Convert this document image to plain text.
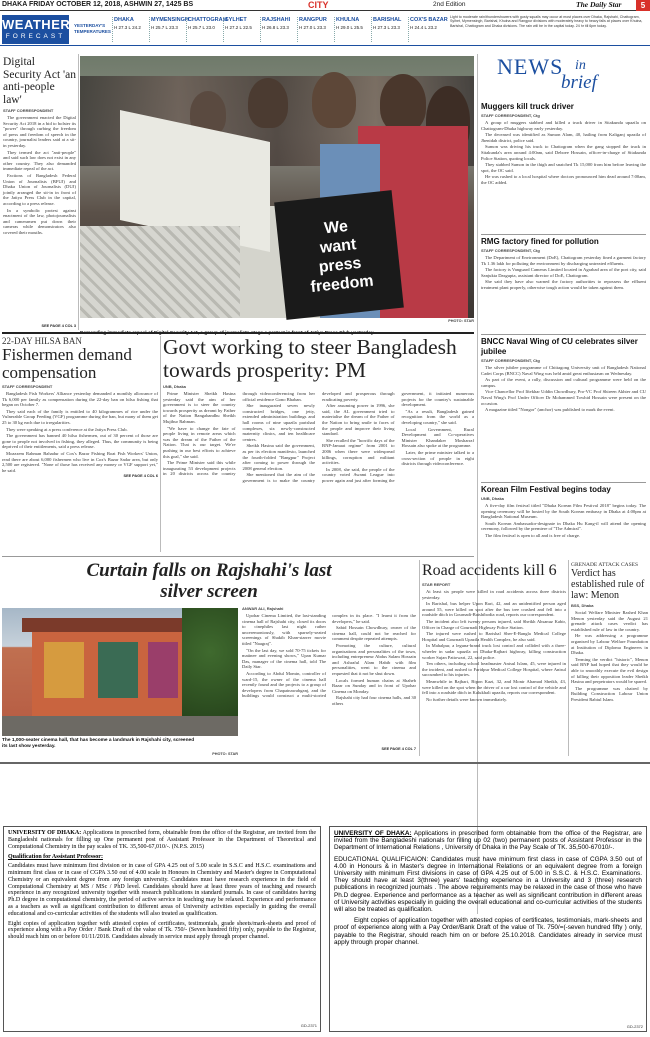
DHAKA FRIDAY OCTOBER 12, 2018, ASHWIN 27, 1425 BS	CITY	2nd Edition	The Daily Star	5
WEATHER
FORECAST
YESTERDAY'S
TEMPERATURES
DHAKA
H 27.3 L 24.2
MYMENSINGH
H 25.7 L 23.3
CHATTOGRAM
H 25.7 L 23.0
SYLHET
H 27.2 L 22.5
RAJSHAHI
H 26.8 L 23.3
RANGPUR
H 27.0 L 23.3
KHULNA
H 29.0 L 25.5
BARISHAL
H 27.3 L 23.3
COX'S BAZAR
H 24.4 L 23.2
Light to moderate rain/thundershowers with gusty squalls may occur at most places over Dhaka, Rajshahi, Chattogram, Sylhet, Mymensingh, Barishal, Khulna and Rangpur divisions with moderately heavy to heavy falls at places over Khulna, Barishal, Chattogram and Dhaka divisions. The rain will be in the capital today. 24 hr till 6pm today.
Digital Security Act 'an anti-people law'
STAFF CORRESPONDENT

The government enacted the Digital Security Act 2018 in a bid to bolster its "power" through curbing the freedom of press and freedom of speech in the country, journalist leaders said at a sit-in yesterday.

They termed the act "anti-people" and said such law does not exist in any other country. They also demanded immediate repeal of the act.

Factions of Bangladesh Federal Union of Journalists (BFUJ) and Dhaka Union of Journalists (DUJ) jointly arranged the sit-in in front of the Jatiya Press Club in the capital, according to a press release.

In a symbolic protest against enactment of the law, photojournalists and cameramen put down their cameras while demonstrators also covered their mouths.

SEE PAGE 4 COL 3
We
want
press
freedom
Demanding immediate repeal of Digital Security Act, a group of journalists stage a protest in front of Jatiya Press Club yesterday.
PHOTO: STAR
NEWS in
brief
Muggers kill truck driver
STAFF CORRESPONDENT, Ctg

A group of muggers stabbed and killed a truck driver in Sitakunda upazila on Chattogram-Dhaka highway early yesterday.

The deceased was identified as Sumon Alam, 40, hailing from Kaliganj upazila of Jhenidah district, police said.

Sumon was driving his truck to Chattogram when the gang stopped the truck in Sitakunda's area around 4:00am, said Deboee Hossain, officer-in-charge of Sitakunda Police Station, quoting locals.

They stabbed Sumon in the thigh and snatched Tk 15,000 from him before leaving the spot, the OC said.

He was rushed to a local hospital where doctors pronounced him dead around 7:00am, the OC added.

RMG factory fined for pollution
STAFF CORRESPONDENT, Ctg

The Department of Environment (DoE), Chattogram yesterday fined a garment factory Tk 1.36 lakh for polluting the environment by discharging untreated effluents.

The factory is Vanguard Cameras Limited located in Agrabad area of the port city, said Sanjukta Dasgupta, assistant director of DoE, Chattogram.

She said they have also warned the factory authorities to repossess the effluent treatment plant properly, otherwise tough action would be taken against them.

BNCC Naval Wing of CU celebrates silver jubilee
STAFF CORRESPONDENT, Ctg

The silver jubilee programme of Chittagong University unit of Bangladesh National Cadet Corps (BNCC) Naval Wing was held amid great enthusiasm on Wednesday.

As part of the event, a rally, discussion and cultural programme were held on the campus.

Vice Chancellor Prof Iftekhar Uddin Chowdhury, Pro-VC Prof Shireen Akhter and CU Naval Wing's Prof Under Officer Dr Mohammed Towhid Hossain were present on the occasion.

A magazine titled "Nongor" (anchor) was published to mark the event.

Korean Film Festival begins today
UNB, Dhaka

A five-day film festival titled "Dhaka Korean Film Festival 2018" begins today. The opening ceremony will be hosted by the South Korean embassy in Dhaka at 4:00pm at Bangladesh National Museum.

South Korean Ambassador-designate in Dhaka Hu Kang-il will attend the opening ceremony, followed by the premiere of "The Admiral".

The film festival is open to all and is free of charge.

22-DAY HILSA BAN
Fishermen demand compensation
STAFF CORRESPONDENT

Bangladesh Fish Workers' Alliance yesterday demanded a monthly allowance of Tk 6,000 per family as compensation during the 22-day ban on hilsa fishing that began on October 7.

They said each of the family is entitled to 40 kilogrammes of rice under the Vulnerable Group Feeding (VGF) programme during the ban, but many of them get 25 to 30 kg each due to irregularities.

They were speaking at a press conference at the Jatiya Press Club.

The government has banned 40 hilsa fishermen, out of 30 percent of those are gone to people not involved in fishing, they alleged. Thus, the community is being deprived of their entitlements, said a press release.

Moazzem Rahman Bahadur of Cox's Bazar Fishing Boat Fish Workers' Union, read there are about 6,000 fishermen who live in Cox's Bazar Sadar area, but only 2,500 are registered. "None of those has received any money or VGF support yet," he said.

SEE PAGE 4 COL 6
Govt working to steer Bangladesh towards prosperity: PM
UNB, Dhaka

Prime Minister Sheikh Hasina yesterday said the aim of her government is to steer the country towards prosperity as dreamt by Father of the Nation Bangabandhu Sheikh Mujibur Rahman.

"We have to change the fate of people living in remote areas which was the dream of the Father of the Nation. That is our target. We're pushing in our best efforts to achieve this goal," she said.

The Prime Minister said this while inaugurating 53 development projects in 20 districts across the country through videoconferencing from her official residence Gono Bhaban.

She inaugurated seven newly constructed bridges, one jetty, extended administration buildings and hall rooms of nine upazila parishad complexes, six newly-constructed maternity clinics, and ten healthcare centres.

Sheikh Hasina said the government, as per its election manifesto, launched the fourth-folded "Rangpur" Project after coming to power through the 2008 general election.

She mentioned that the aim of the government is to make the country developed and prosperous through eradicating poverty.

After assuming power in 1996, she said, the AL government tried to materialise the dream of the Father of the Nation to bring smile to faces of the people and improve their living standard.

She recalled the "horrific days of the BNP-Jamaat regime" from 2001 to 2006 when there were widespread killings, corruption and militant activities.

In 2008, she said, the people of the country voted Awami League into power again and just after forming the government, it initiated numerous projects for the country's sustainable development.

"As a result, Bangladesh gained recognition from the world as a developing country," she said.

Local Government, Rural Development and Co-operatives Minister Khandaker Mosharraf Hossain also spoke at the programme.

Later, the prime minister talked to a cross-section of people in eight districts through videoconference.

Curtain falls on Rajshahi's last silver screen
The 1,000-seater cinema hall, that has become a landmark in Rajshahi city, screened its last show yesterday.
PHOTO: STAR
ANWAR ALI, Rajshahi

Upohar Cinema Limited, the last-standing cinema hall of Rajshahi city, closed its doors to cinephiles last night rather unceremoniously, with sparsely-seated screenings of Shakib Khan-starrer movie titled "Naagraj".

"On the last day, we sold 70-75 tickets for matinee and evening shows," Upan Kumar Das, manager of the cinema hall, told The Daily Star.

According to Abdul Momin, controller of ward-15, the owner of the cinema hall recently found and the projects to a group of developers from Chapainawabganj, and the buildings would construct a multi-storied complex in its place. "I learnt it from the developers," he said.

Sabid Hossain Chowdhury, owner of the cinema hall, could not be reached for comment despite repeated attempts.

Promoting the culture, cultural organisations and personalities of the town, including entrepreneur Abdus Salam Hossain and Ashraful Alam Habib with film personalities, went to the cinema and requested that it not be shut down.

Locals formed human chains at Shaheb Bazar on Sunday and in front of Upohar Cinema on Monday.

Rajshahi city had four cinema halls, and 30 others

SEE PAGE 4 COL 7
Road accidents kill 6
STAR REPORT

At least six people were killed in road accidents across three districts yesterday.

In Barishal, bus helper Upon Rari, 42, and an unidentified person aged around 55, were killed on spot after the bus tree crashed and fell into a roadside ditch in Gournadi-Baishibodia road, reports our correspondent.

The incident also left twenty persons injured, said Sheikh Ahsanuz Kabir, Officer in Charge of Gournadi Highway Police Station.

The injured were rushed to Barishal Sher-E-Bangla Medical College Hospital and Gournadi Upazila Health Complex, he also said.

In Mahalpur, a leguna-brand truck lost control and collided with a three-wheeler in sadar upazila on Dhaka-Rajbari highway, killing construction worker Sujan Pattowari, 22, said police.

Ten others, including school headmaster Anisul Islam, 45, were injured in the incident, and rushed to Faridpur Medical College Hospital, where Anisul succumbed to his injuries.

Meanwhile in Rajbari, Bipon Kazi, 32, and Monir Ahamad Sheikh, 43, were killed on the spot when the driver of a car lost control of the vehicle and fell into a roadside ditch in Kalukhali upazila, reports our correspondent.

No further details were known immediately.

GRENADE ATTACK CASES
Verdict has established rule of law: Menon
BSS, Dhaka

Social Welfare Minister Rashed Khan Menon yesterday said the August 21 grenade attack cases verdict has established rule of law in the country.

He was addressing a programme organised by Labour Welfare Foundation at Institution of Diploma Engineers in Dhaka.

Terming the verdict "historic", Menon said BNP had hoped that they would be able to smoothly execute the evil design of killing their opposition leader Sheikh Hasina and perpetrators would be spared.

The programme was chaired by Building Construction Labour Union President Rabiul Islam.

UNIVERSITY OF DHAKA: Applications in prescribed form, obtainable from the office of the Registrar, are invited from the Bangladeshi nationals for filling up One permanent post of Assistant Professor in the Department of Theoretical and Computational Chemistry in the pay scales of TK. 35,500-67,010/-. (N.P.S. 2015)

Qualification for Assistant Professor:

Candidates must have minimum first division or in case of GPA 4.25 out of 5.00 scale in S.S.C and H.S.C. examinations and minimum first class or in case of CGPA 3.50 out of 4.00 scale in Honours in Chemistry and Master's degree in Computational Chemistry or an equivalent degree from any foreign university. Candidates must have research experience in the field of Computational Chemistry at MS / MSc / PhD level. Candidates should have at least three years of teaching and research experience in any recognized university together with research publications in standard journals. In case of candidates having Ph.D degree in computational chemistry, the period of active service in teaching may be relaxed. Experience and performance as a teachers as well as significant contribution to different areas of University activities especially in guiding the overall educational and co-curricular activities of the students will also treated as qualification.

Eight copies of application together with attested copies of certificates, testimonials, grade sheets/mark-sheets and proof of experience along with a Pay Order / Bank Draft of the value of Tk. 750/- (Seven hundred fifty) only, payable to the Registrar, should reach him on or before 01/11/2018. Candidates already in service must apply through proper channel.

GD-2371

UNIVERSITY OF DHAKA: Applications in prescribed form obtainable from the office of the Registrar, are invited from the Bangladeshi nationals for filling up 02 (two) permanent posts of Assistant Professor in the Department of International Relations , University of Dhaka in the Pay Scale of TK. 35,500-67010/-.

EDUCATIONAL QUALIFICAION: Candidates must have minimum first class in case of CGPA 3.50 out of 4.00 in Honours & in Master's degree in International Relations or an equivalent degree from a foreign University with minimum First divisions in case of GPA 4.25 out of 5.00 in S.S.C. & H.S.C. Examinations. They should have at least 3(three) years' teaching experience in a University and 3 (three) research publications in recognized journals . The above requirements may be relaxed in the case of those who have Ph.D degree. Experience and performance as a teacher as well as significant contribution in different areas of University activities especially in guiding the overall educational and co-curricular activities of the students will also be treated as qualification.

Eight copies of application together with attested copies of certificates, testimonials, mark-sheets and proof of experience along with a Pay Order/Bank Draft of the value of Tk. 750/=(-seven hundred fifty ) only, payable to the Registrar, should reach him on or before 25.10.2018. Candidates already in service must apply through proper channel.

GD-2372
